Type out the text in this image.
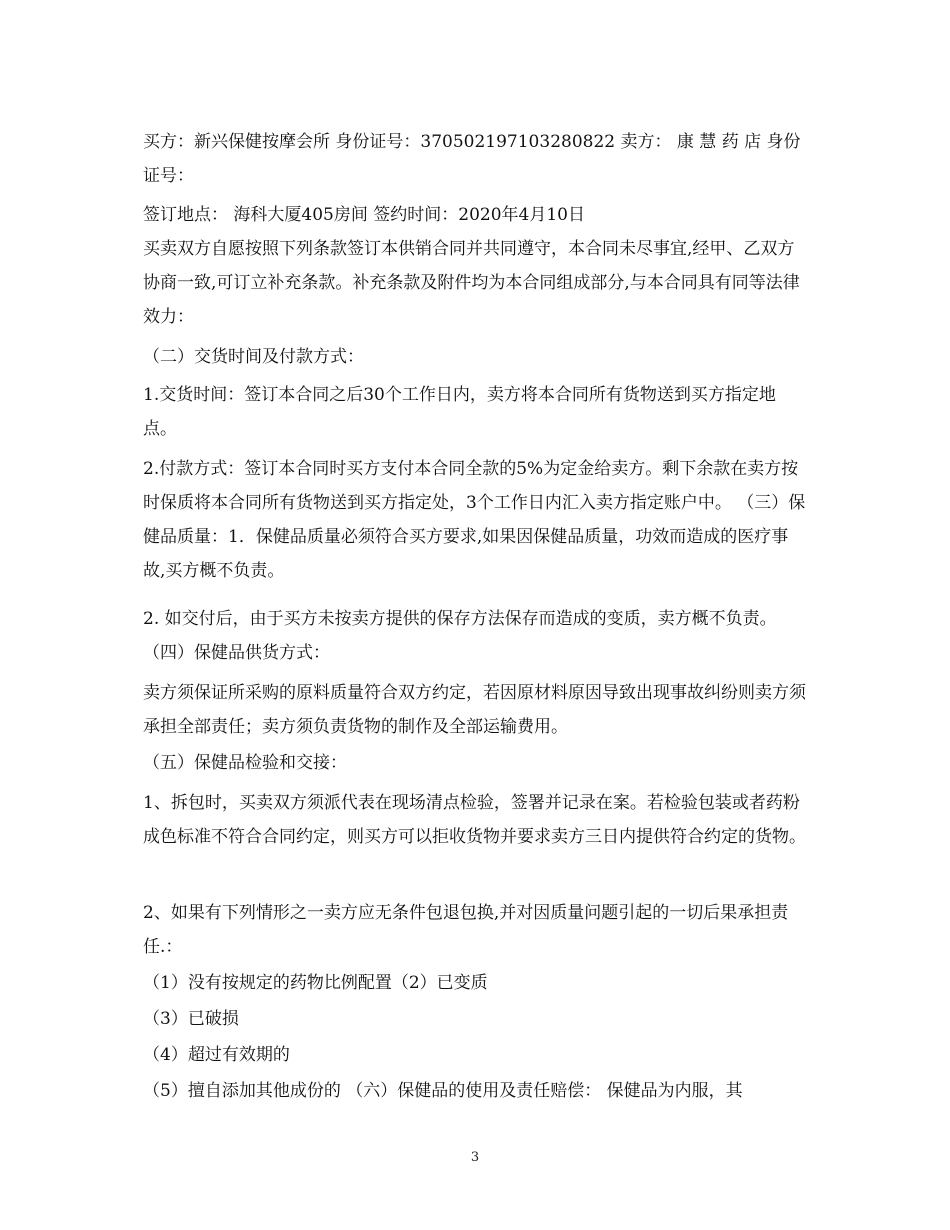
买方：新兴保健按摩会所 身份证号：370502197103280822 卖方： 康 慧 药 店 身份证号：
签订地点： 海科大厦405房间 签约时间：2020年4月10日
买卖双方自愿按照下列条款签订本供销合同并共同遵守，本合同未尽事宜,经甲、乙双方协商一致,可订立补充条款。补充条款及附件均为本合同组成部分,与本合同具有同等法律效力：
（二）交货时间及付款方式：
1.交货时间：签订本合同之后30个工作日内，卖方将本合同所有货物送到买方指定地点。
2.付款方式：签订本合同时买方支付本合同全款的5%为定金给卖方。剩下余款在卖方按时保质将本合同所有货物送到买方指定处，3个工作日内汇入卖方指定账户中。 （三）保健品质量：1．保健品质量必须符合买方要求,如果因保健品质量，功效而造成的医疗事故,买方概不负责。
2. 如交付后，由于买方未按卖方提供的保存方法保存而造成的变质，卖方概不负责。 （四）保健品供货方式：
卖方须保证所采购的原料质量符合双方约定，若因原材料原因导致出现事故纠纷则卖方须承担全部责任；卖方须负责货物的制作及全部运输费用。
（五）保健品检验和交接：
1、拆包时，买卖双方须派代表在现场清点检验，签署并记录在案。若检验包装或者药粉成色标准不符合合同约定，则买方可以拒收货物并要求卖方三日内提供符合约定的货物。
2、如果有下列情形之一卖方应无条件包退包换,并对因质量问题引起的一切后果承担责任.：
（1）没有按规定的药物比例配置（2）已变质
（3）已破损
（4）超过有效期的
（5）擅自添加其他成份的 （六）保健品的使用及责任赔偿： 保健品为内服，其
3
